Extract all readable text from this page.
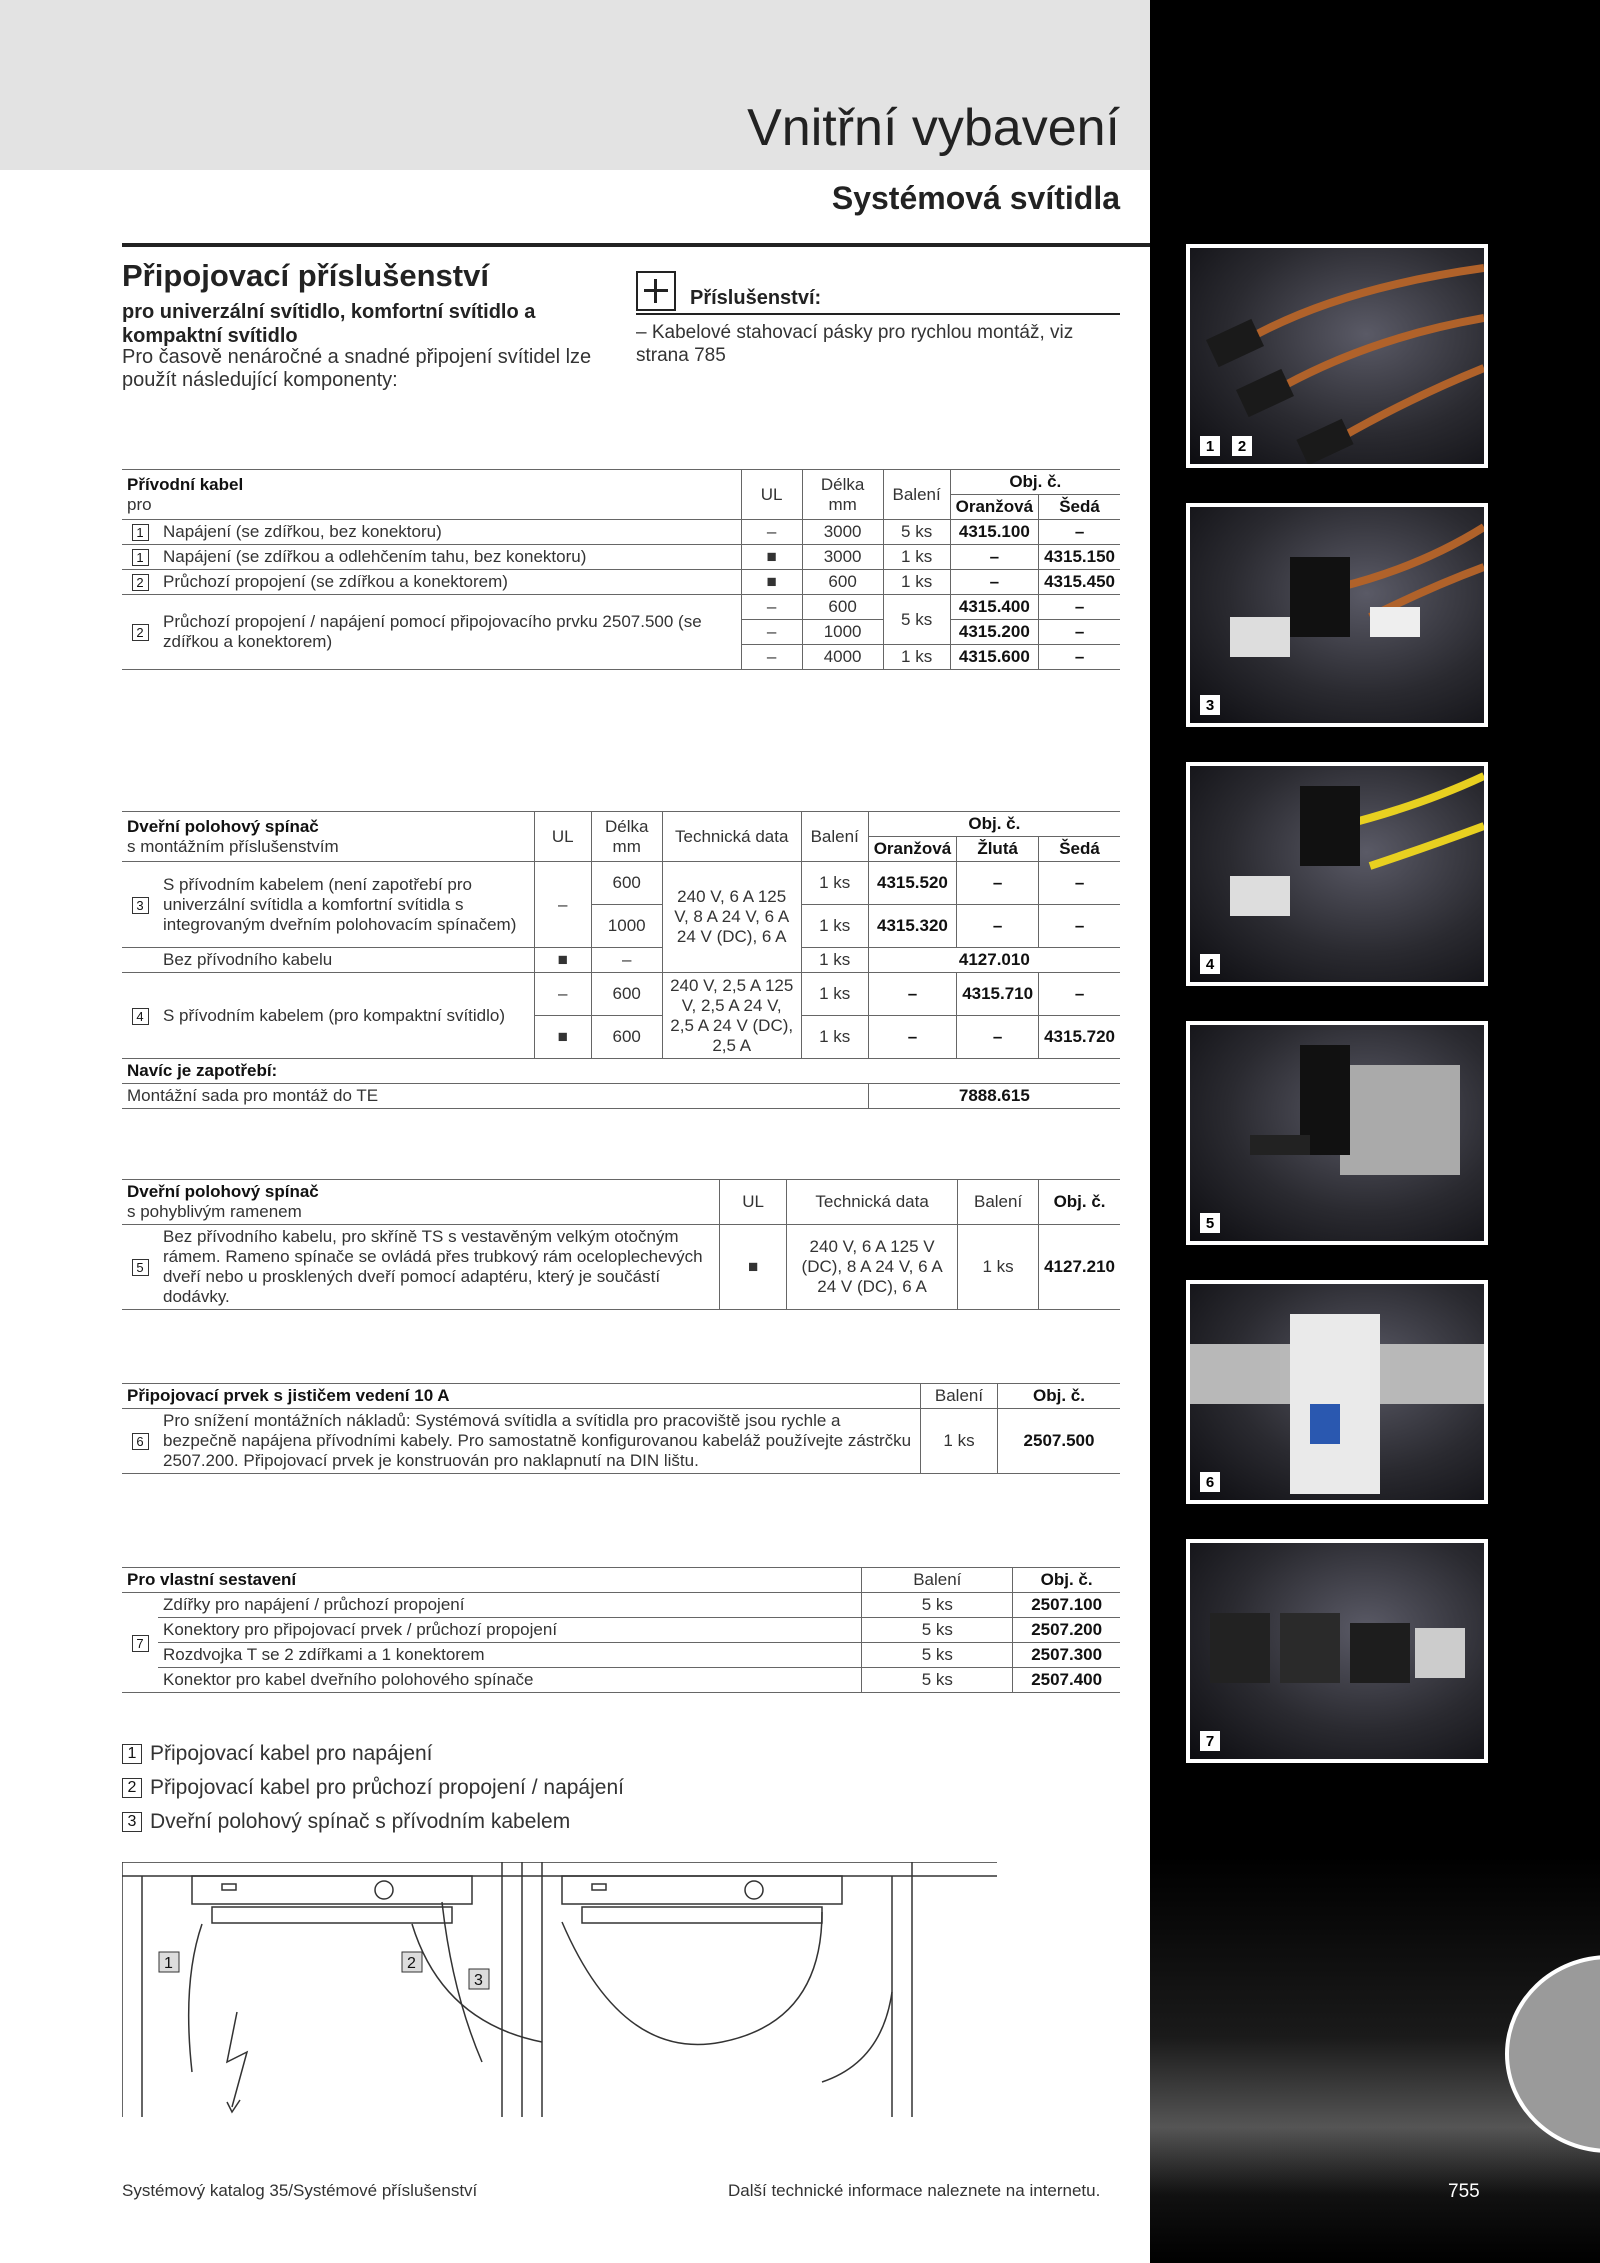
Vnitřní vybavení
Systémová svítidla
1	2
3
4
5
6
7
Připojovací příslušenství
pro univerzální svítidlo, komfortní svítidlo a kompaktní svítidlo
Pro časově nenáročné a snadné připojení svítidel lze použít následující komponenty:
Příslušenství:
– Kabelové stahovací pásky pro rychlou montáž, viz strana 785
Přívodní kabel
pro		UL	Délka mm	Balení	Obj. č.	
					Oranžová	Šedá
1	Napájení (se zdířkou, bez konektoru)	–	3000	5 ks	4315.100	–
1	Napájení (se zdířkou a odlehčením tahu, bez konektoru)	■	3000	1 ks	–	4315.150
2	Průchozí propojení (se zdířkou a konektorem)	■	600	1 ks	–	4315.450
2	Průchozí propojení / napájení pomocí připojovacího prvku 2507.500 (se zdířkou a konektorem)	–	600	5 ks	4315.400	–
		–	1000		4315.200	–
		–	4000	1 ks	4315.600	–
Dveřní polohový spínač
s montážním příslušenstvím		UL	Délka mm	Technická data	Balení	Obj. č.		
						Oranžová	Žlutá	Šedá
3	S přívodním kabelem (není zapotřebí pro univerzální svítidla a komfortní svítidla s integrovaným dveřním polohovacím spínačem)	–	600	240 V, 6 A 125 V, 8 A 24 V, 6 A 24 V (DC), 6 A	1 ks	4315.520	–	–
			1000		1 ks	4315.320	–	–
	Bez přívodního kabelu	■	–		1 ks	4127.010		
4	S přívodním kabelem (pro kompaktní svítidlo)	–	600	240 V, 2,5 A 125 V, 2,5 A 24 V, 2,5 A 24 V (DC), 2,5 A	1 ks	–	4315.710	–
		■	600		1 ks	–	–	4315.720
Navíc je zapotřebí:								
Montážní sada pro montáž do TE						7888.615		
Dveřní polohový spínač
s pohyblivým ramenem		UL	Technická data	Balení	Obj. č.
5	Bez přívodního kabelu, pro skříně TS s vestavěným velkým otočným rámem. Rameno spínače se ovládá přes trubkový rám oceloplechevých dveří nebo u prosklených dveří pomocí adaptéru, který je součástí dodávky.	■	240 V, 6 A 125 V (DC), 8 A 24 V, 6 A 24 V (DC), 6 A	1 ks	4127.210
Připojovací prvek s jističem vedení 10 A		Balení	Obj. č.
6	Pro snížení montážních nákladů: Systémová svítidla a svítidla pro pracoviště jsou rychle a bezpečně napájena přívodními kabely. Pro samostatně konfigurovanou kabeláž používejte zástrčku 2507.200. Připojovací prvek je konstruován pro naklapnutí na DIN lištu.	1 ks	2507.500
Pro vlastní sestavení		Balení	Obj. č.
7	Zdířky pro napájení / průchozí propojení	5 ks	2507.100
	Konektory pro připojovací prvek / průchozí propojení	5 ks	2507.200
	Rozdvojka T se 2 zdířkami a 1 konektorem	5 ks	2507.300
	Konektor pro kabel dveřního polohového spínače	5 ks	2507.400
1 Připojovací kabel pro napájení
2 Připojovací kabel pro průchozí propojení / napájení
3 Dveřní polohový spínač s přívodním kabelem
1	2
3
Systémový katalog 35/Systémové příslušenství	Další technické informace naleznete na internetu.	755
